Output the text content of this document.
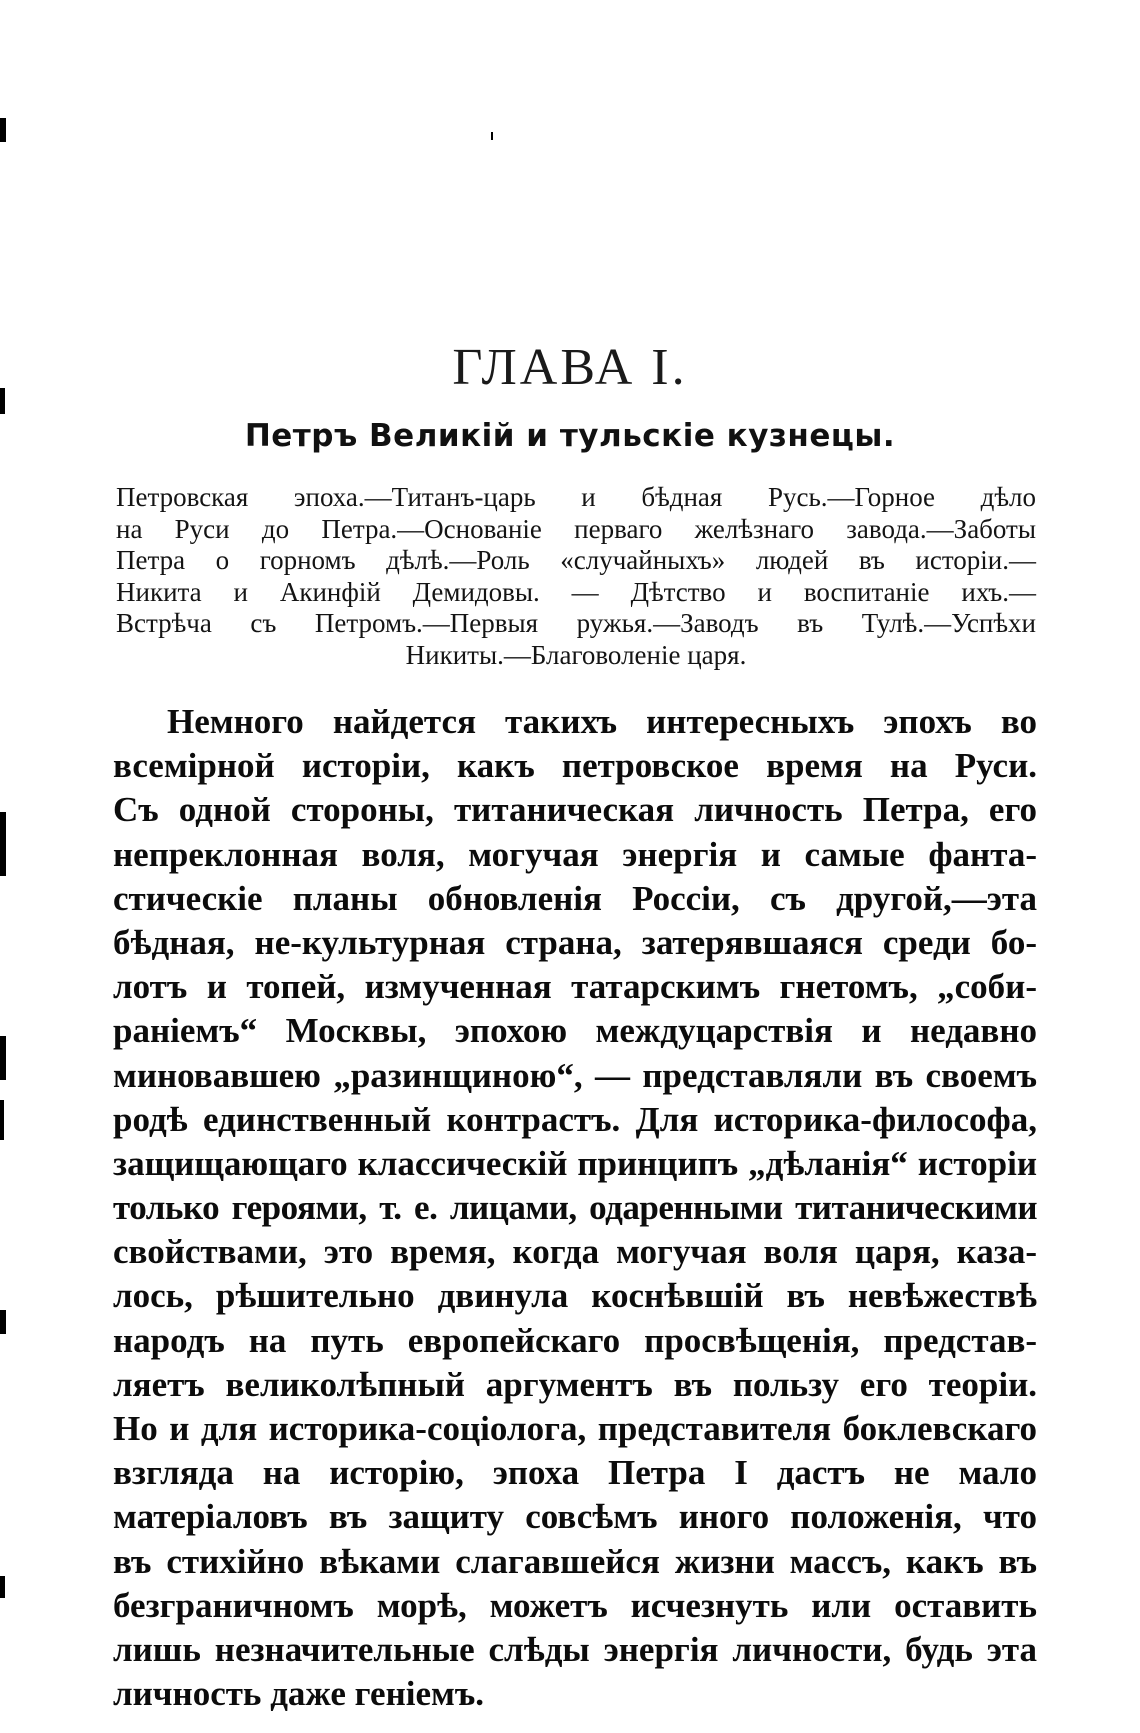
ГЛАВА I.
Петръ Великій и тульскіе кузнецы.
Петровская эпоха.—Титанъ-царь и бѣдная Русь.—Горное дѣло
на Руси до Петра.—Основаніе перваго желѣзнаго завода.—Заботы
Петра о горномъ дѣлѣ.—Роль «случайныхъ» людей въ исторіи.—
Никита и Акинфій Демидовы. — Дѣтство и воспитаніе ихъ.—
Встрѣча съ Петромъ.—Первыя ружья.—Заводъ въ Тулѣ.—Успѣхи
Никиты.—Благоволеніе царя.
Немного найдется такихъ интересныхъ эпохъ во
всемірной исторіи, какъ петровское время на Руси.
Съ одной стороны, титаническая личность Петра, его
непреклонная воля, могучая энергія и самые фанта-
стическіе планы обновленія Россіи, съ другой,—эта
бѣдная, не-культурная страна, затерявшаяся среди бо-
лотъ и топей, измученная татарскимъ гнетомъ, „соби-
раніемъ“ Москвы, эпохою междуцарствія и недавно
миновавшею „разинщиною“, — представляли въ своемъ
родѣ единственный контрастъ. Для историка-философа,
защищающаго классическій принципъ „дѣланія“ исторіи
только героями, т. е. лицами, одаренными титаническими
свойствами, это время, когда могучая воля царя, каза-
лось, рѣшительно двинула коснѣвшій въ невѣжествѣ
народъ на путь европейскаго просвѣщенія, представ-
ляетъ великолѣпный аргументъ въ пользу его теоріи.
Но и для историка-соціолога, представителя боклевскаго
взгляда на исторію, эпоха Петра I дастъ не мало
матеріаловъ въ защиту совсѣмъ иного положенія, что
въ стихійно вѣками слагавшейся жизни массъ, какъ въ
безграничномъ морѣ, можетъ исчезнуть или оставить
лишь незначительные слѣды энергія личности, будь эта
личность даже геніемъ.
